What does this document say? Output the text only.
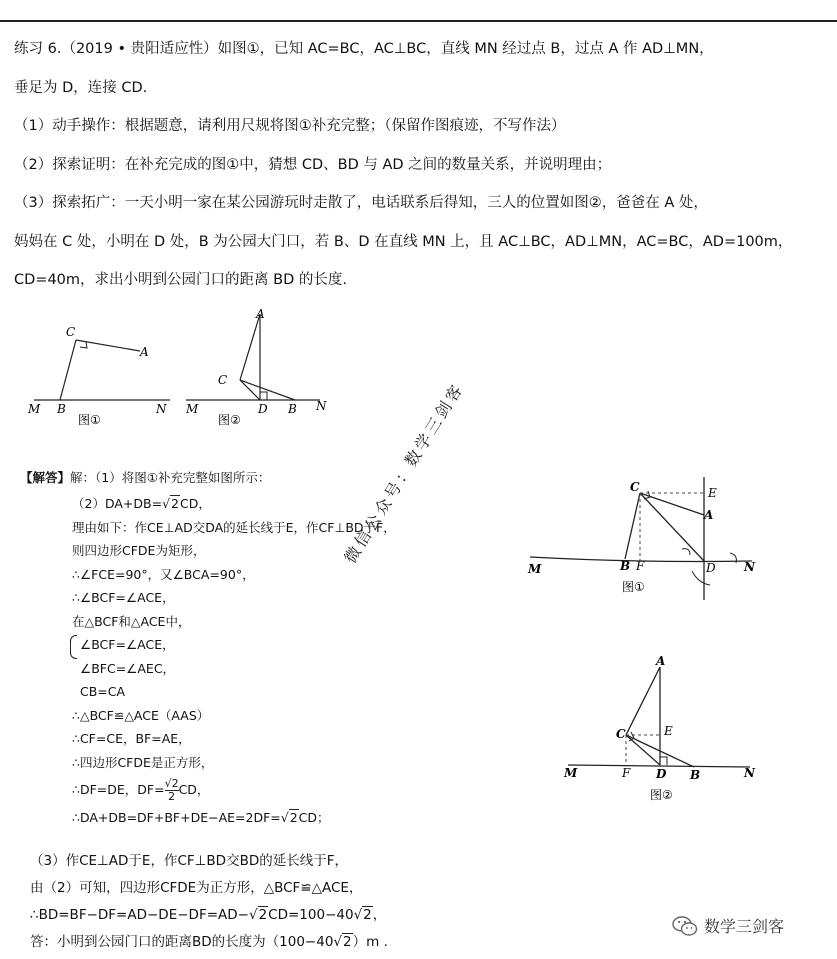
练习 6.（2019 • 贵阳适应性）如图①，已知 AC=BC，AC⊥BC，直线 MN 经过点 B，过点 A 作 AD⊥MN，

垂足为 D，连接 CD.

（1）动手操作：根据题意，请利用尺规将图①补充完整；（保留作图痕迹，不写作法）

（2）探索证明：在补充完成的图①中，猜想 CD、BD 与 AD 之间的数量关系，并说明理由；

（3）探索拓广：一天小明一家在某公园游玩时走散了，电话联系后得知，三人的位置如图②，爸爸在 A 处，

妈妈在 C 处，小明在 D 处，B 为公园大门口，若 B、D 在直线 MN 上，且 AC⊥BC，AD⊥MN，AC=BC，AD=100m，

CD=40m，求出小明到公园门口的距离 BD 的长度.

C
A
M B	N
图①
A
C
M	D B N
图②
【解答】解：（1）将图①补充完整如图所示：
（2）DA+DB=√2CD，
理由如下：作CE⊥AD交DA的延长线于E，作CF⊥BD于F，
则四边形CFDE为矩形，
∴∠FCE=90°，又∠BCA=90°，
∴∠BCF=∠ACE，
在△BCF和△ACE中，
∠BCF=∠ACE，
∠BFC=∠AEC，
CB=CA
∴△BCF≌△ACE（AAS）
∴CF=CE，BF=AE，
∴四边形CFDE是正方形，
∴DF=DE，$DF= \frac{√2}{2}$ CD，
∴DA+DB=DF+BF+DE−AE=2DF=√2CD；
微信公众号：数学三剑客	C	E
A
M	B F	D N
图①
A
C	E
M	F D B	N
图②
（3）作CE⊥AD于E，作CF⊥BD交BD的延长线于F，
由（2）可知，四边形CFDE为正方形，△BCF≌△ACE，
∴BD=BF−DF=AD−DE−DF=AD−√2CD=100−40√2，
答：小明到公园门口的距离BD的长度为（100−40√2）m .
数学三剑客
